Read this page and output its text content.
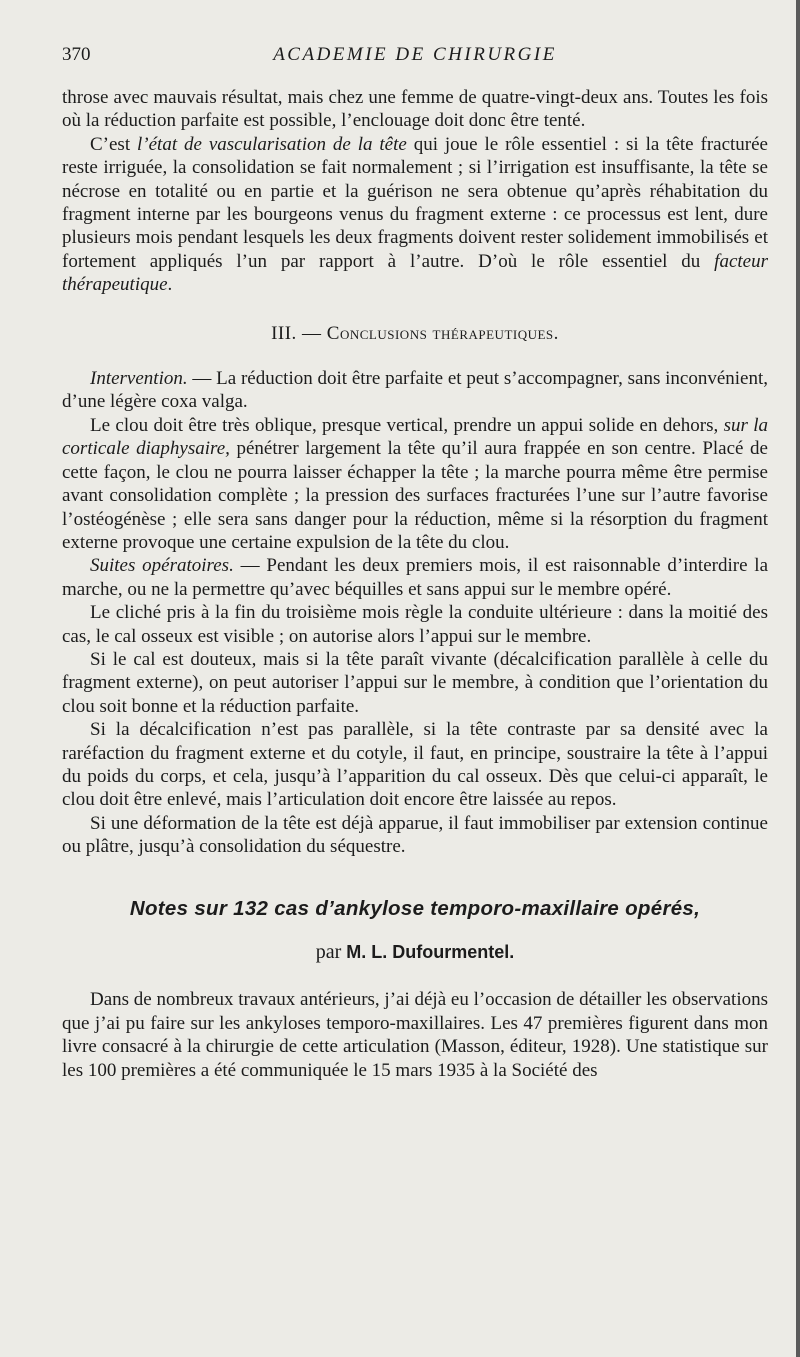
370	ACADEMIE DE CHIRURGIE

throse avec mauvais résultat, mais chez une femme de quatre-vingt-deux ans. Toutes les fois où la réduction parfaite est possible, l’enclouage doit donc être tenté.

C’est l’état de vascularisation de la tête qui joue le rôle essentiel : si la tête fracturée reste irriguée, la consolidation se fait normalement ; si l’irrigation est insuffisante, la tête se nécrose en totalité ou en partie et la guérison ne sera obtenue qu’après réhabitation du fragment interne par les bourgeons venus du fragment externe : ce processus est lent, dure plusieurs mois pendant lesquels les deux fragments doivent rester solidement immobilisés et fortement appliqués l’un par rapport à l’autre. D’où le rôle essentiel du facteur thérapeutique.

III. — Conclusions thérapeutiques.

Intervention. — La réduction doit être parfaite et peut s’accompagner, sans inconvénient, d’une légère coxa valga.

Le clou doit être très oblique, presque vertical, prendre un appui solide en dehors, sur la corticale diaphysaire, pénétrer largement la tête qu’il aura frappée en son centre. Placé de cette façon, le clou ne pourra laisser échapper la tête ; la marche pourra même être permise avant consolidation complète ; la pression des surfaces fracturées l’une sur l’autre favorise l’ostéogénèse ; elle sera sans danger pour la réduction, même si la résorption du fragment externe provoque une certaine expulsion de la tête du clou.

Suites opératoires. — Pendant les deux premiers mois, il est raisonnable d’interdire la marche, ou ne la permettre qu’avec béquilles et sans appui sur le membre opéré.

Le cliché pris à la fin du troisième mois règle la conduite ultérieure : dans la moitié des cas, le cal osseux est visible ; on autorise alors l’appui sur le membre.

Si le cal est douteux, mais si la tête paraît vivante (décalcification parallèle à celle du fragment externe), on peut autoriser l’appui sur le membre, à condition que l’orientation du clou soit bonne et la réduction parfaite.

Si la décalcification n’est pas parallèle, si la tête contraste par sa densité avec la raréfaction du fragment externe et du cotyle, il faut, en principe, soustraire la tête à l’appui du poids du corps, et cela, jusqu’à l’apparition du cal osseux. Dès que celui-ci apparaît, le clou doit être enlevé, mais l’articulation doit encore être laissée au repos.

Si une déformation de la tête est déjà apparue, il faut immobiliser par extension continue ou plâtre, jusqu’à consolidation du séquestre.

Notes sur 132 cas d’ankylose temporo-maxillaire opérés,

par M. L. Dufourmentel.

Dans de nombreux travaux antérieurs, j’ai déjà eu l’occasion de détailler les observations que j’ai pu faire sur les ankyloses temporo-maxillaires. Les 47 premières figurent dans mon livre consacré à la chirurgie de cette articulation (Masson, éditeur, 1928). Une statistique sur les 100 premières a été communiquée le 15 mars 1935 à la Société des
